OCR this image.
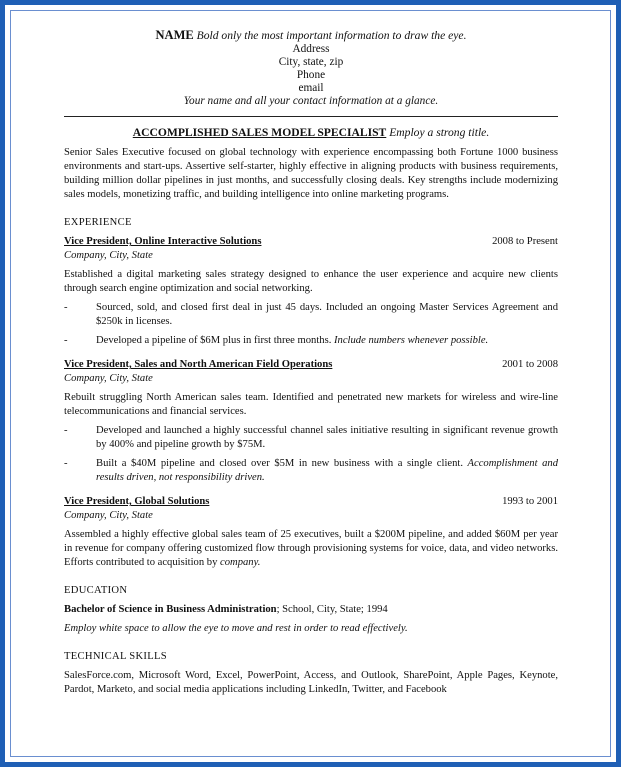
NAME Bold only the most important information to draw the eye.
Address
City, state, zip
Phone
email
Your name and all your contact information at a glance.
ACCOMPLISHED SALES MODEL SPECIALIST Employ a strong title.

Senior Sales Executive focused on global technology with experience encompassing both Fortune 1000 business environments and start-ups. Assertive self-starter, highly effective in aligning products with business requirements, building million dollar pipelines in just months, and successfully closing deals. Key strengths include modernizing sales models, monetizing traffic, and building intelligence into online marketing programs.

EXPERIENCE
Vice President, Online Interactive Solutions	2008 to Present
Company, City, State

Established a digital marketing sales strategy designed to enhance the user experience and acquire new clients through search engine optimization and social networking.

-	Sourced, sold, and closed first deal in just 45 days. Included an ongoing Master Services Agreement and $250k in licenses.
-	Developed a pipeline of $6M plus in first three months. Include numbers whenever possible.
Vice President, Sales and North American Field Operations	2001 to 2008
Company, City, State

Rebuilt struggling North American sales team. Identified and penetrated new markets for wireless and wire-line telecommunications and financial services.

-	Developed and launched a highly successful channel sales initiative resulting in significant revenue growth by 400% and pipeline growth by $75M.
-	Built a $40M pipeline and closed over $5M in new business with a single client. Accomplishment and results driven, not responsibility driven.
Vice President, Global Solutions	1993 to 2001
Company, City, State

Assembled a highly effective global sales team of 25 executives, built a $200M pipeline, and added $60M per year in revenue for company offering customized flow through provisioning systems for voice, data, and video networks. Efforts contributed to acquisition by company.

EDUCATION
Bachelor of Science in Business Administration; School, City, State; 1994
Employ white space to allow the eye to move and rest in order to read effectively.
TECHNICAL SKILLS

SalesForce.com, Microsoft Word, Excel, PowerPoint, Access, and Outlook, SharePoint, Apple Pages, Keynote, Pardot, Marketo, and social media applications including LinkedIn, Twitter, and Facebook
